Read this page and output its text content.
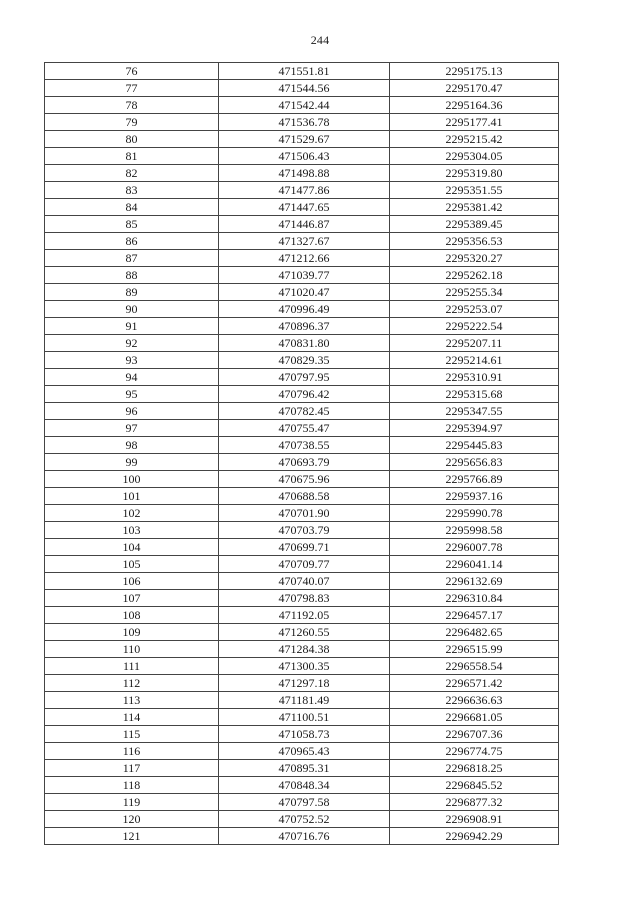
244
76	471551.81	2295175.13
77	471544.56	2295170.47
78	471542.44	2295164.36
79	471536.78	2295177.41
80	471529.67	2295215.42
81	471506.43	2295304.05
82	471498.88	2295319.80
83	471477.86	2295351.55
84	471447.65	2295381.42
85	471446.87	2295389.45
86	471327.67	2295356.53
87	471212.66	2295320.27
88	471039.77	2295262.18
89	471020.47	2295255.34
90	470996.49	2295253.07
91	470896.37	2295222.54
92	470831.80	2295207.11
93	470829.35	2295214.61
94	470797.95	2295310.91
95	470796.42	2295315.68
96	470782.45	2295347.55
97	470755.47	2295394.97
98	470738.55	2295445.83
99	470693.79	2295656.83
100	470675.96	2295766.89
101	470688.58	2295937.16
102	470701.90	2295990.78
103	470703.79	2295998.58
104	470699.71	2296007.78
105	470709.77	2296041.14
106	470740.07	2296132.69
107	470798.83	2296310.84
108	471192.05	2296457.17
109	471260.55	2296482.65
110	471284.38	2296515.99
111	471300.35	2296558.54
112	471297.18	2296571.42
113	471181.49	2296636.63
114	471100.51	2296681.05
115	471058.73	2296707.36
116	470965.43	2296774.75
117	470895.31	2296818.25
118	470848.34	2296845.52
119	470797.58	2296877.32
120	470752.52	2296908.91
121	470716.76	2296942.29
